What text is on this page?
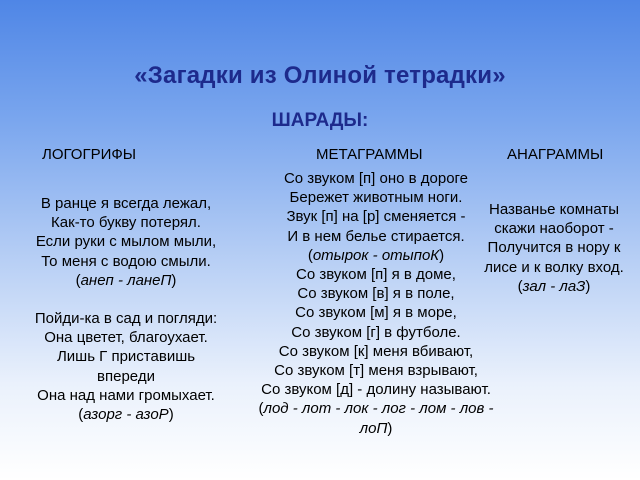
«Загадки из Олиной тетрадки»
ШАРАДЫ:
ЛОГОГРИФЫ	МЕТАГРАММЫ	АНАГРАММЫ
В ранце я всегда лежал,
Как-то букву потерял.
Если руки с мылом мыли,
То меня с водою смыли.
(анеп - ланеП)
Пойди-ка в сад и погляди:
Она цветет, благоухает.
Лишь Г приставишь
впереди
Она над нами громыхает.
(азорг - азоР)
Со звуком [п] оно в дороге
Бережет животным ноги.
Звук [п] на [р] сменяется -
И в нем белье стирается.
(отырок - отыпоК)
Со звуком [п] я в доме,
Со звуком [в] я в поле,
Со звуком [м] я в море,
Со звуком [г] в футболе.
Со звуком [к] меня вбивают,
Со звуком [т] меня взрывают,
Со звуком [д] - долину называют.
(лод - лот - лок - лог - лом - лов -
лоП)
Названье комнаты
скажи наоборот -
Получится в нору к
лисе и к волку вход.
(зал - лаЗ)
